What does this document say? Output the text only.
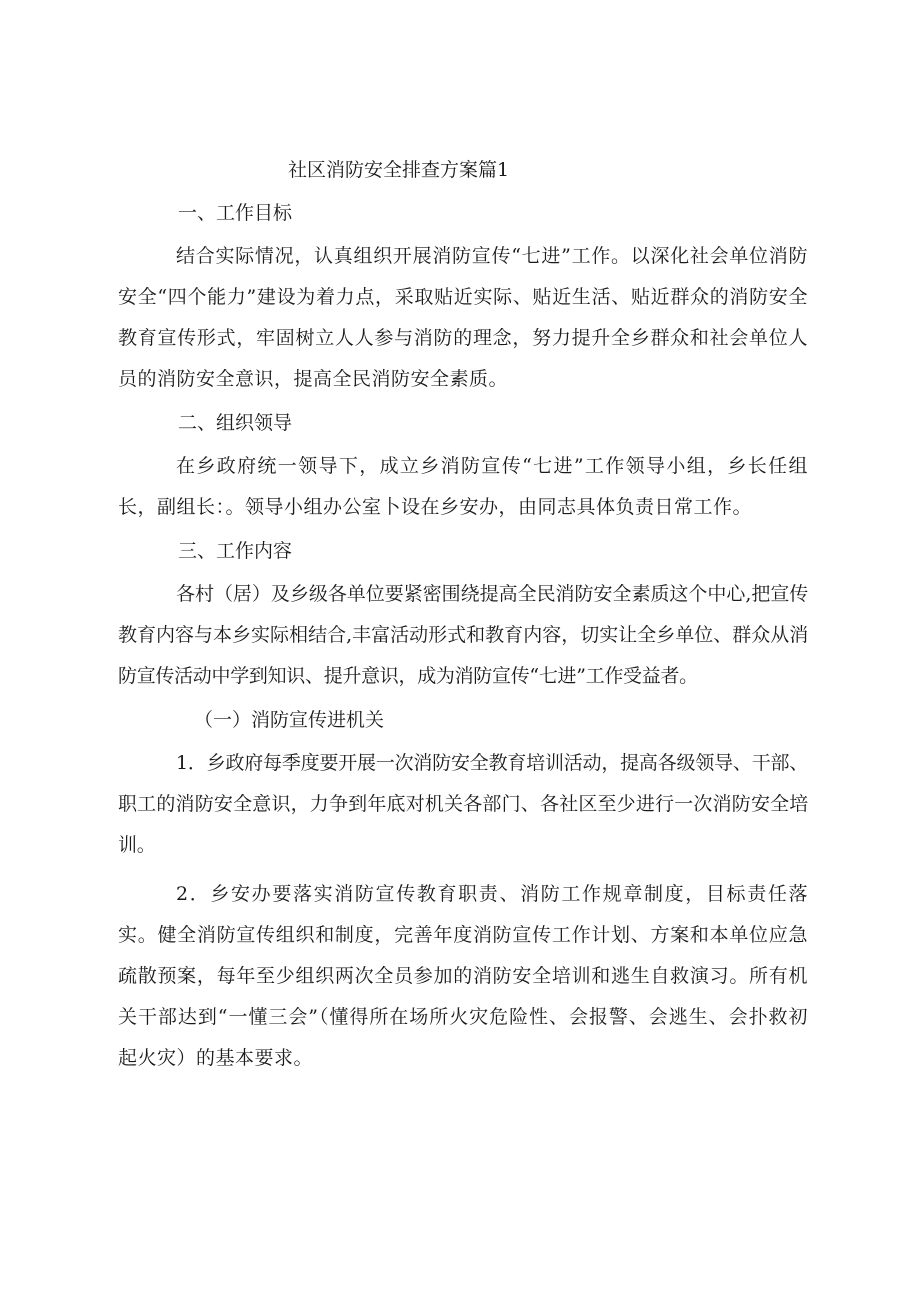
社区消防安全排查方案篇1
一、工作目标

结合实际情况，认真组织开展消防宣传“七进”工作。以深化社会单位消防安全“四个能力”建设为着力点，采取贴近实际、贴近生活、贴近群众的消防安全教育宣传形式，牢固树立人人参与消防的理念，努力提升全乡群众和社会单位人员的消防安全意识，提高全民消防安全素质。

二、组织领导

在乡政府统一领导下，成立乡消防宣传“七进”工作领导小组，乡长任组长，副组长：。领导小组办公室卜设在乡安办，由同志具体负责日常工作。

三、工作内容

各村（居）及乡级各单位要紧密围绕提高全民消防安全素质这个中心,把宣传教育内容与本乡实际相结合,丰富活动形式和教育内容，切实让全乡单位、群众从消防宣传活动中学到知识、提升意识，成为消防宣传“七进”工作受益者。

（一）消防宣传进机关

1．乡政府每季度要开展一次消防安全教育培训活动，提高各级领导、干部、职工的消防安全意识，力争到年底对机关各部门、各社区至少进行一次消防安全培训。

2．乡安办要落实消防宣传教育职责、消防工作规章制度，目标责任落实。健全消防宣传组织和制度，完善年度消防宣传工作计划、方案和本单位应急疏散预案，每年至少组织两次全员参加的消防安全培训和逃生自救演习。所有机关干部达到“一懂三会”（懂得所在场所火灾危险性、会报警、会逃生、会扑救初起火灾）的基本要求。
